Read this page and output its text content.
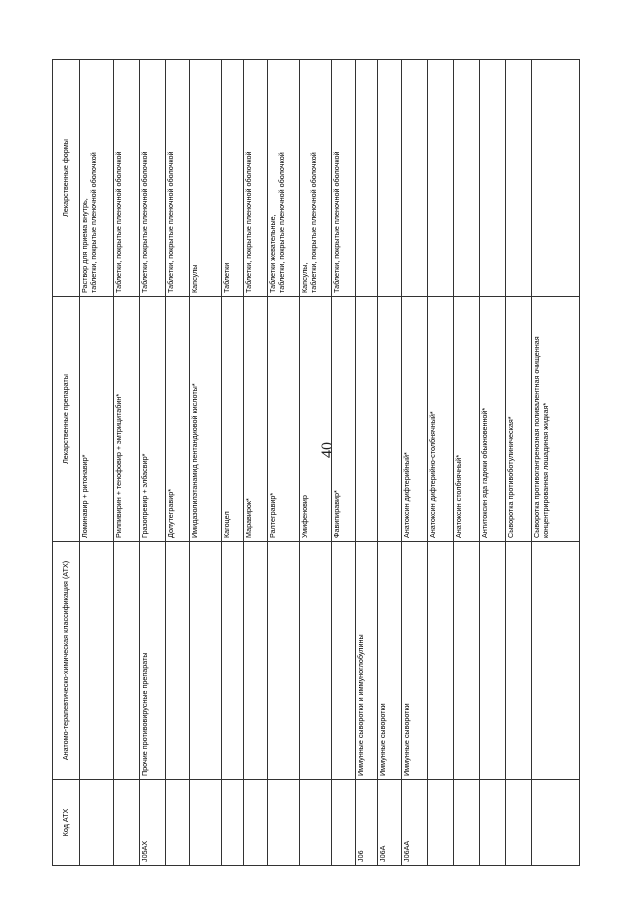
40
Код АТХ	Анатомо-терапевтическо-химическая классификация (АТХ)	Лекарственные препараты	Лекарственные формы
		Ломинавир + ритонавир*	Раствор для приема внутрь, таблетки, покрытые пленочной оболочкой

		Рилпивирин + тенофовир + эмтрицитабин*	Таблетки, покрытые пленочной оболочкой

J05AX	Прочие противовирусные препараты	Гразопревир + элбасвир*	Таблетки, покрытые пленочной оболочкой

		Долутегравир*	Таблетки, покрытые пленочной оболочкой

		Имидазолилэтанамид пентандиовой кислоты*	Капсулы

		Кагоцел	Таблетки

		Маравирок*	Таблетки, покрытые пленочной оболочкой

		Ралтегравир*	Таблетки жевательные, таблетки, покрытые пленочной оболочкой

		Умифеновир	Капсулы, таблетки, покрытые пленочной оболочкой

		Фавипиравир*	Таблетки, покрытые пленочной оболочкой

J06	Иммунные сыворотки и иммуноглобулины		
J06A	Иммунные сыворотки		
J06AA	Иммунные сыворотки	Анатоксин дифтерийный*	
		Анатоксин дифтерийно-столбнячный*	
		Анатоксин столбнячный*	
		Антитоксин яда гадюки обыкновенной*	
		Сыворотка противоботулиническая*	
		Сыворотка противогангренозная поливалентная очищенная концентрированная лошадиная жидкая*	
